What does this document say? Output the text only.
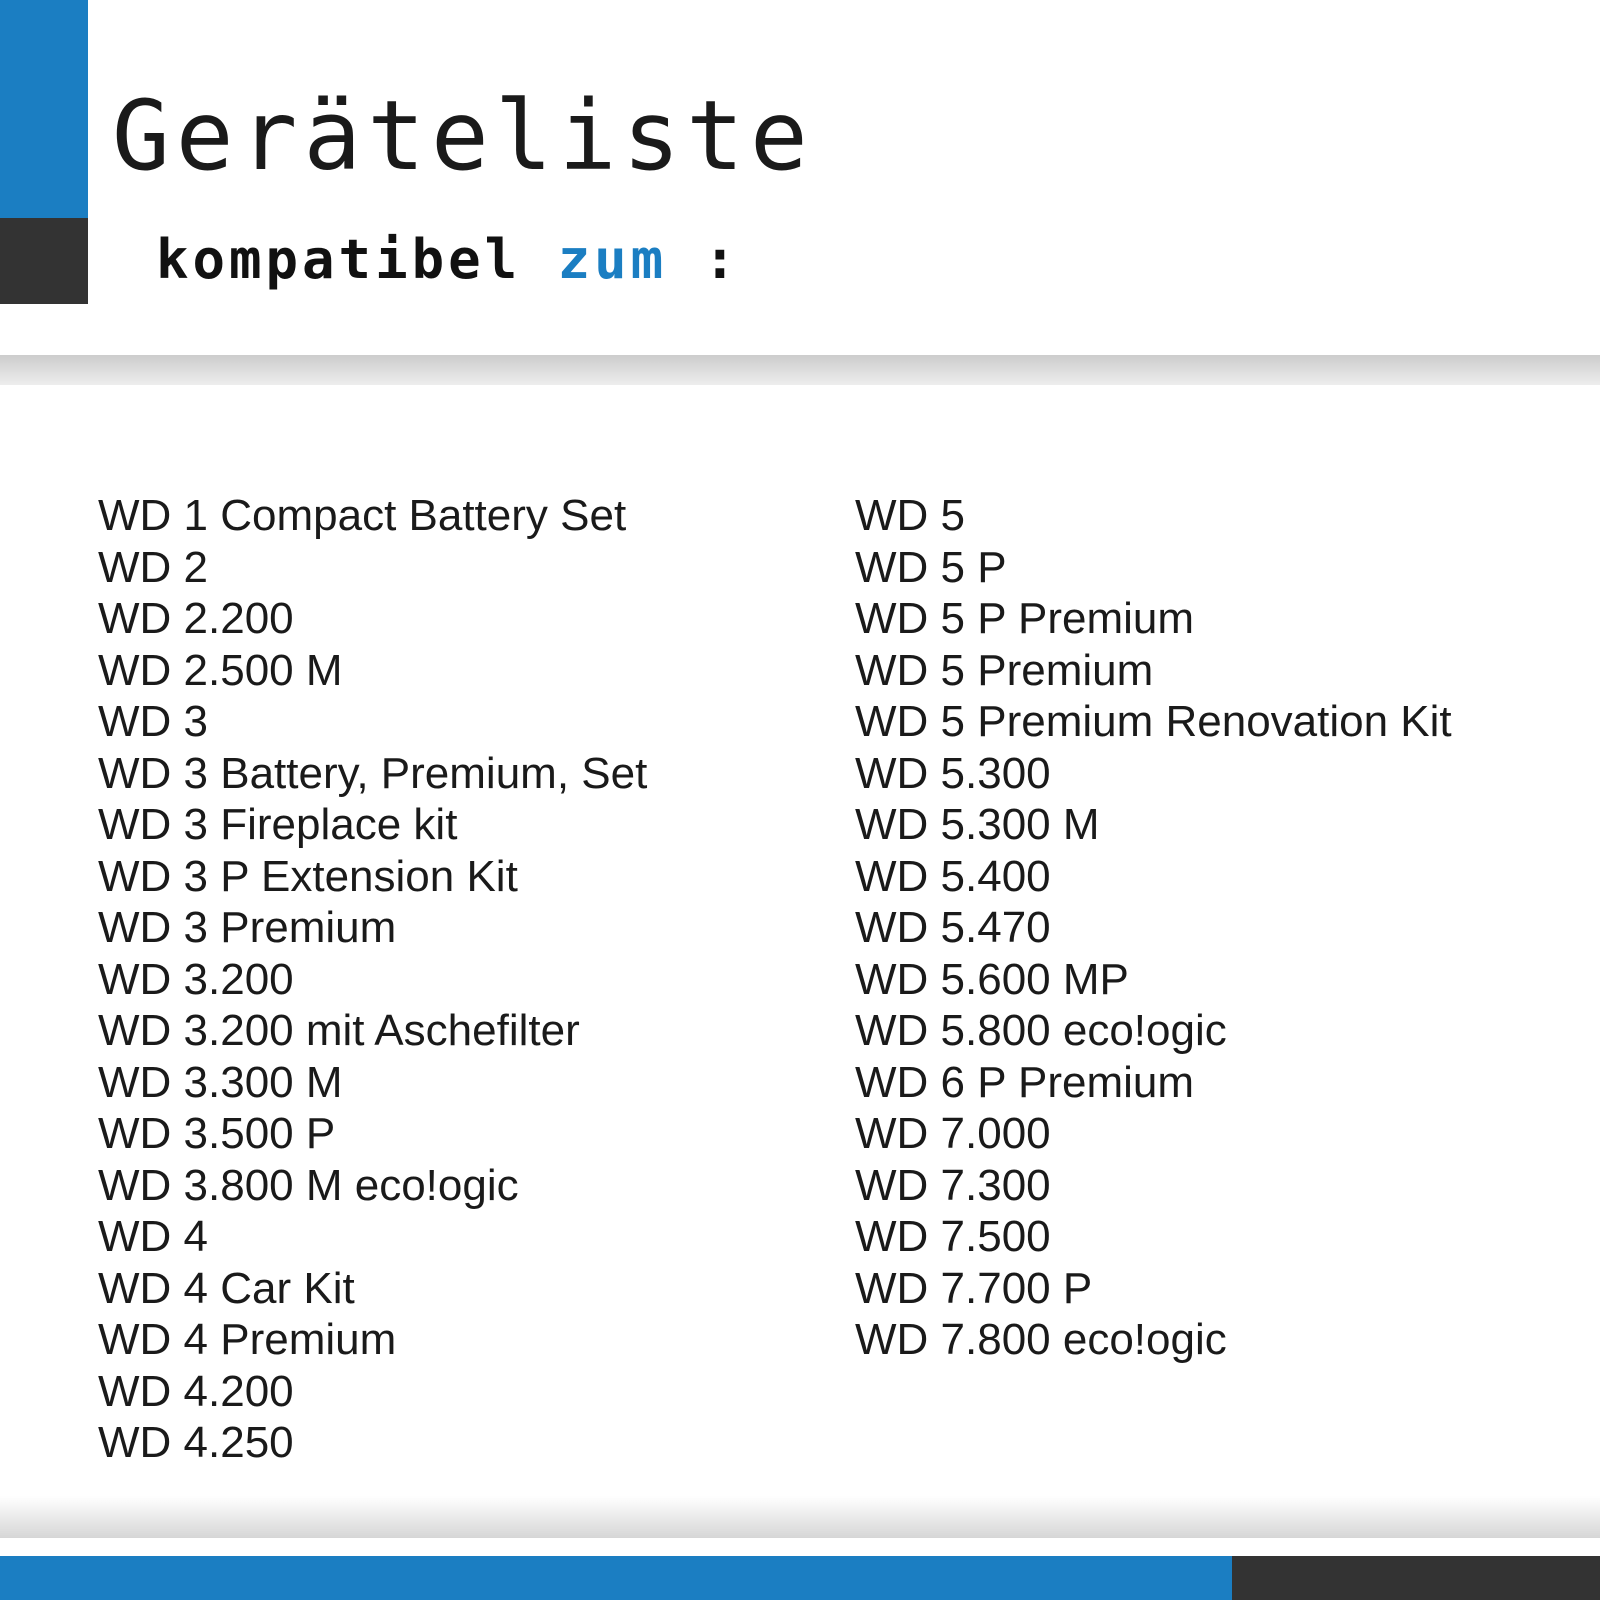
Geräteliste
kompatibel zum :
WD 1 Compact Battery Set
WD 2
WD 2.200
WD 2.500 M
WD 3
WD 3 Battery, Premium, Set
WD 3 Fireplace kit
WD 3 P Extension Kit
WD 3 Premium
WD 3.200
WD 3.200 mit Aschefilter
WD 3.300 M
WD 3.500 P
WD 3.800 M eco!ogic
WD 4
WD 4 Car Kit
WD 4 Premium
WD 4.200
WD 4.250
WD 5
WD 5 P
WD 5 P Premium
WD 5 Premium
WD 5 Premium Renovation Kit
WD 5.300
WD 5.300 M
WD 5.400
WD 5.470
WD 5.600 MP
WD 5.800 eco!ogic
WD 6 P Premium
WD 7.000
WD 7.300
WD 7.500
WD 7.700 P
WD 7.800 eco!ogic
